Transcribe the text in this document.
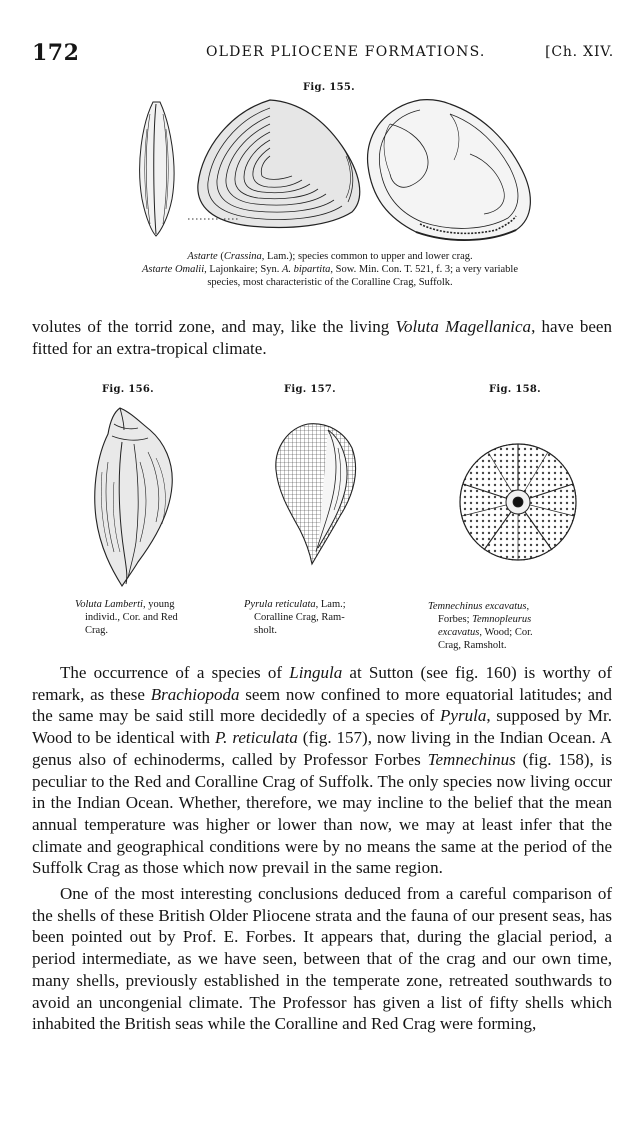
172	OLDER PLIOCENE FORMATIONS.	[Ch. XIV.
Fig. 155.
Astarte (Crassina, Lam.); species common to upper and lower crag.
Astarte Omalii, Lajonkaire; Syn. A. bipartita, Sow. Min. Con. T. 521, f. 3; a very variable
species, most characteristic of the Coralline Crag, Suffolk.

volutes of the torrid zone, and may, like the living Voluta Magellanica, have been fitted for an extra-tropical climate.

Fig. 156.	Fig. 157.	Fig. 158.
Voluta Lamberti, young
individ., Cor. and Red
Crag.
Pyrula reticulata, Lam.;
Coralline Crag, Ram-
sholt.
Temnechinus excavatus,
Forbes; Temnopleurus
excavatus, Wood; Cor.
Crag, Ramsholt.

The occurrence of a species of Lingula at Sutton (see fig. 160) is worthy of remark, as these Brachiopoda seem now confined to more equatorial latitudes; and the same may be said still more decidedly of a species of Pyrula, supposed by Mr. Wood to be identical with P. reticulata (fig. 157), now living in the Indian Ocean. A genus also of echinoderms, called by Professor Forbes Temnechinus (fig. 158), is peculiar to the Red and Coralline Crag of Suffolk. The only species now living occur in the Indian Ocean. Whether, therefore, we may incline to the belief that the mean annual temperature was higher or lower than now, we may at least infer that the climate and geographical conditions were by no means the same at the period of the Suffolk Crag as those which now prevail in the same region.

One of the most interesting conclusions deduced from a careful comparison of the shells of these British Older Pliocene strata and the fauna of our present seas, has been pointed out by Prof. E. Forbes. It appears that, during the glacial period, a period intermediate, as we have seen, between that of the crag and our own time, many shells, previously established in the temperate zone, retreated southwards to avoid an uncongenial climate. The Professor has given a list of fifty shells which inhabited the British seas while the Coralline and Red Crag were forming,
